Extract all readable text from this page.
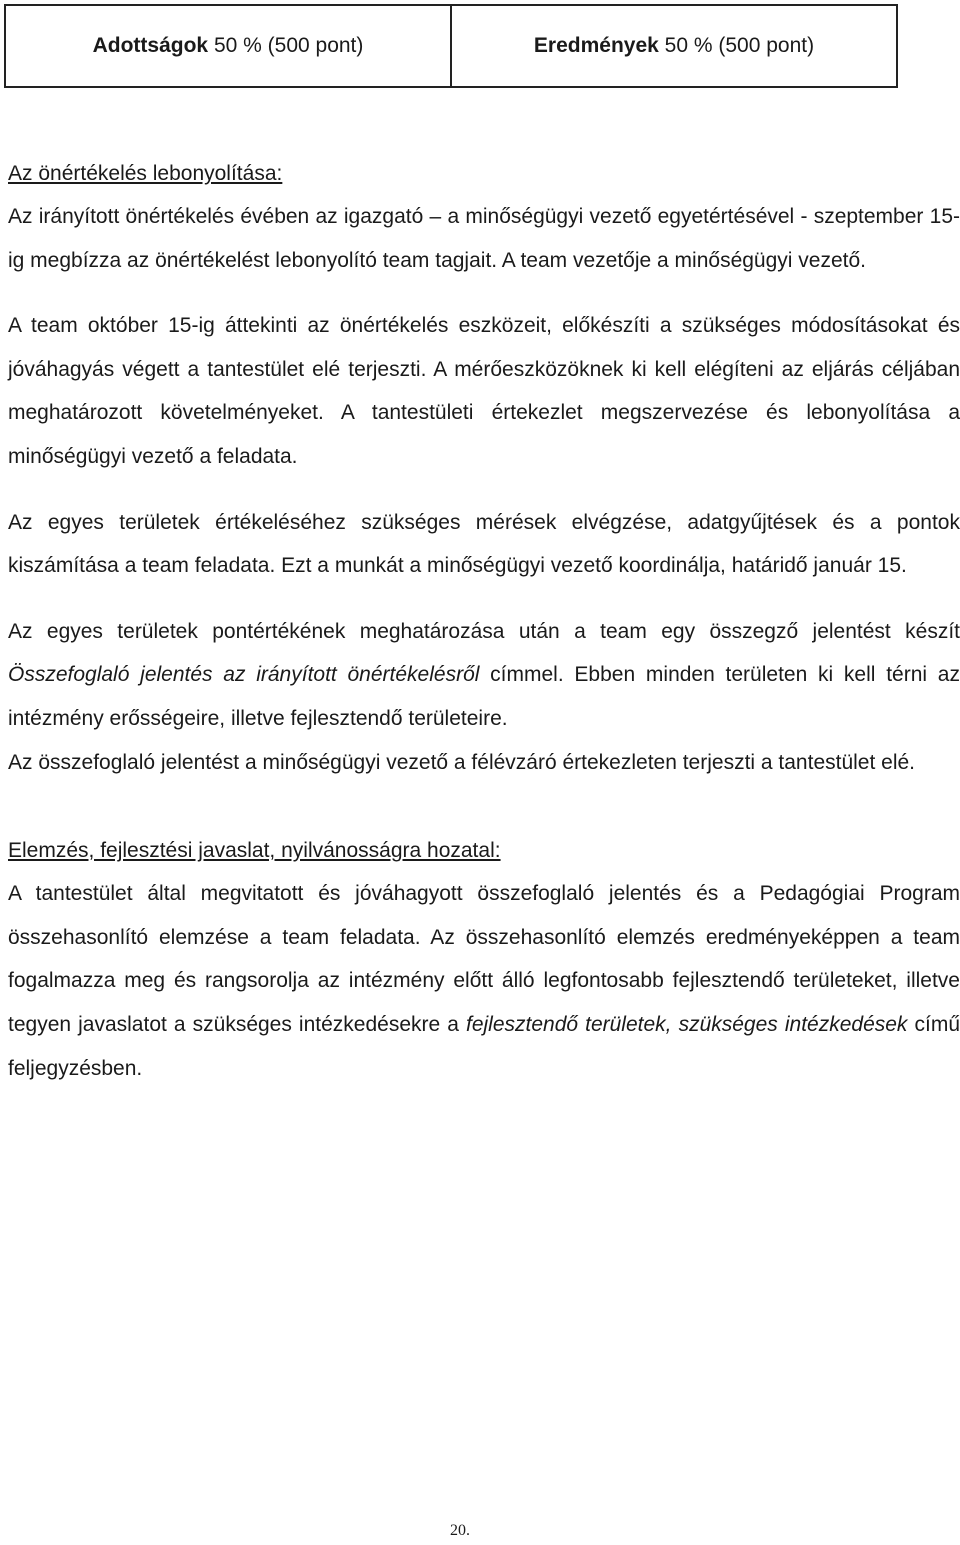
Adottságok 50 % (500 pont)	Eredmények 50 % (500 pont)

Az önértékelés lebonyolítása:

Az irányított önértékelés évében az igazgató – a minőségügyi vezető egyetértésével - szeptember 15-ig megbízza az önértékelést lebonyolító team tagjait. A team vezetője a minőségügyi vezető.

A team október 15-ig áttekinti az önértékelés eszközeit, előkészíti a szükséges módosításokat és jóváhagyás végett a tantestület elé terjeszti. A mérőeszközöknek ki kell elégíteni az eljárás céljában meghatározott követelményeket. A tantestületi értekezlet megszervezése és lebonyolítása a minőségügyi vezető a feladata.

Az egyes területek értékeléséhez szükséges mérések elvégzése, adatgyűjtések és a pontok kiszámítása a team feladata. Ezt a munkát a minőségügyi vezető koordinálja, határidő január 15.

Az egyes területek pontértékének meghatározása után a team egy összegző jelentést készít Összefoglaló jelentés az irányított önértékelésről címmel. Ebben minden területen ki kell térni az intézmény erősségeire, illetve fejlesztendő területeire.

Az összefoglaló jelentést a minőségügyi vezető a félévzáró értekezleten terjeszti a tantestület elé.

Elemzés, fejlesztési javaslat, nyilvánosságra hozatal:

A tantestület által megvitatott és jóváhagyott összefoglaló jelentés és a Pedagógiai Program összehasonlító elemzése a team feladata. Az összehasonlító elemzés eredményeképpen a team fogalmazza meg és rangsorolja az intézmény előtt álló legfontosabb fejlesztendő területeket, illetve tegyen javaslatot a szükséges intézkedésekre a fejlesztendő területek, szükséges intézkedések című feljegyzésben.

20.
